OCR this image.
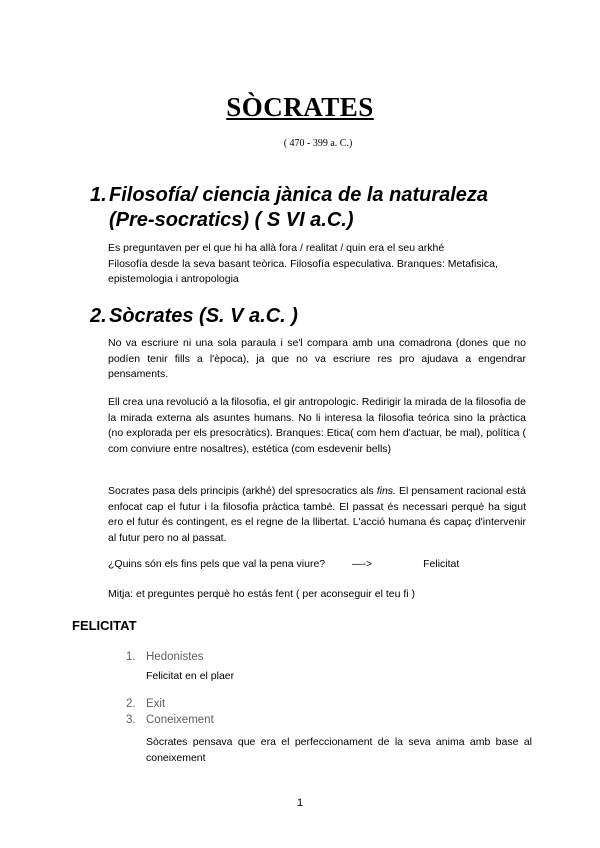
SÒCRATES
( 470 - 399 a. C.)
1. Filosofía/ ciencia jànica de la naturaleza
(Pre-socratics) ( S VI a.C.)
Es preguntaven per el que hi ha allà fora / realitat / quin era el seu arkhé
Filosofía desde la seva basant teòrica. Filosofía especulativa. Branques: Metafisica,
epistemologia i antropologia
2. Sòcrates (S. V a.C. )
No va escriure ni una sola paraula i se'l compara amb una comadrona (dones que no podíen tenir fills a l'època), ja que no va escriure res pro ajudava a engendrar pensaments.
Ell crea una revolució a la filosofia, el gir antropologic. Redirigir la mirada de la filosofia de la mirada externa als asuntes humans. No li interesa la filosofia teórica sino la pràctica (no explorada per els presocràtics). Branques: Etica( com hem d'actuar, be mal), política ( com conviure entre nosaltres), estética (com esdevenir bells)
Socrates pasa dels principis (arkhé) del spresocratics als fins. El pensament racional está enfocat cap el futur i la filosofia pràctica també. El passat és necessari perquè ha sigut ero el futur és contingent, es el regne de la llibertat. L'acció humana és capaç d'intervenir al futur pero no al passat.
¿Quins són els fins pels que val la pena viure?	—->	Felicitat
Mitja: et preguntes perquè ho estás fent ( per aconseguir el teu fi )
FELICITAT
1. Hedonistes
Felicitat en el plaer
2. Exit
3. Coneixement
Sòcrates pensava que era el perfeccionament de la seva anima amb base al coneixement
1
